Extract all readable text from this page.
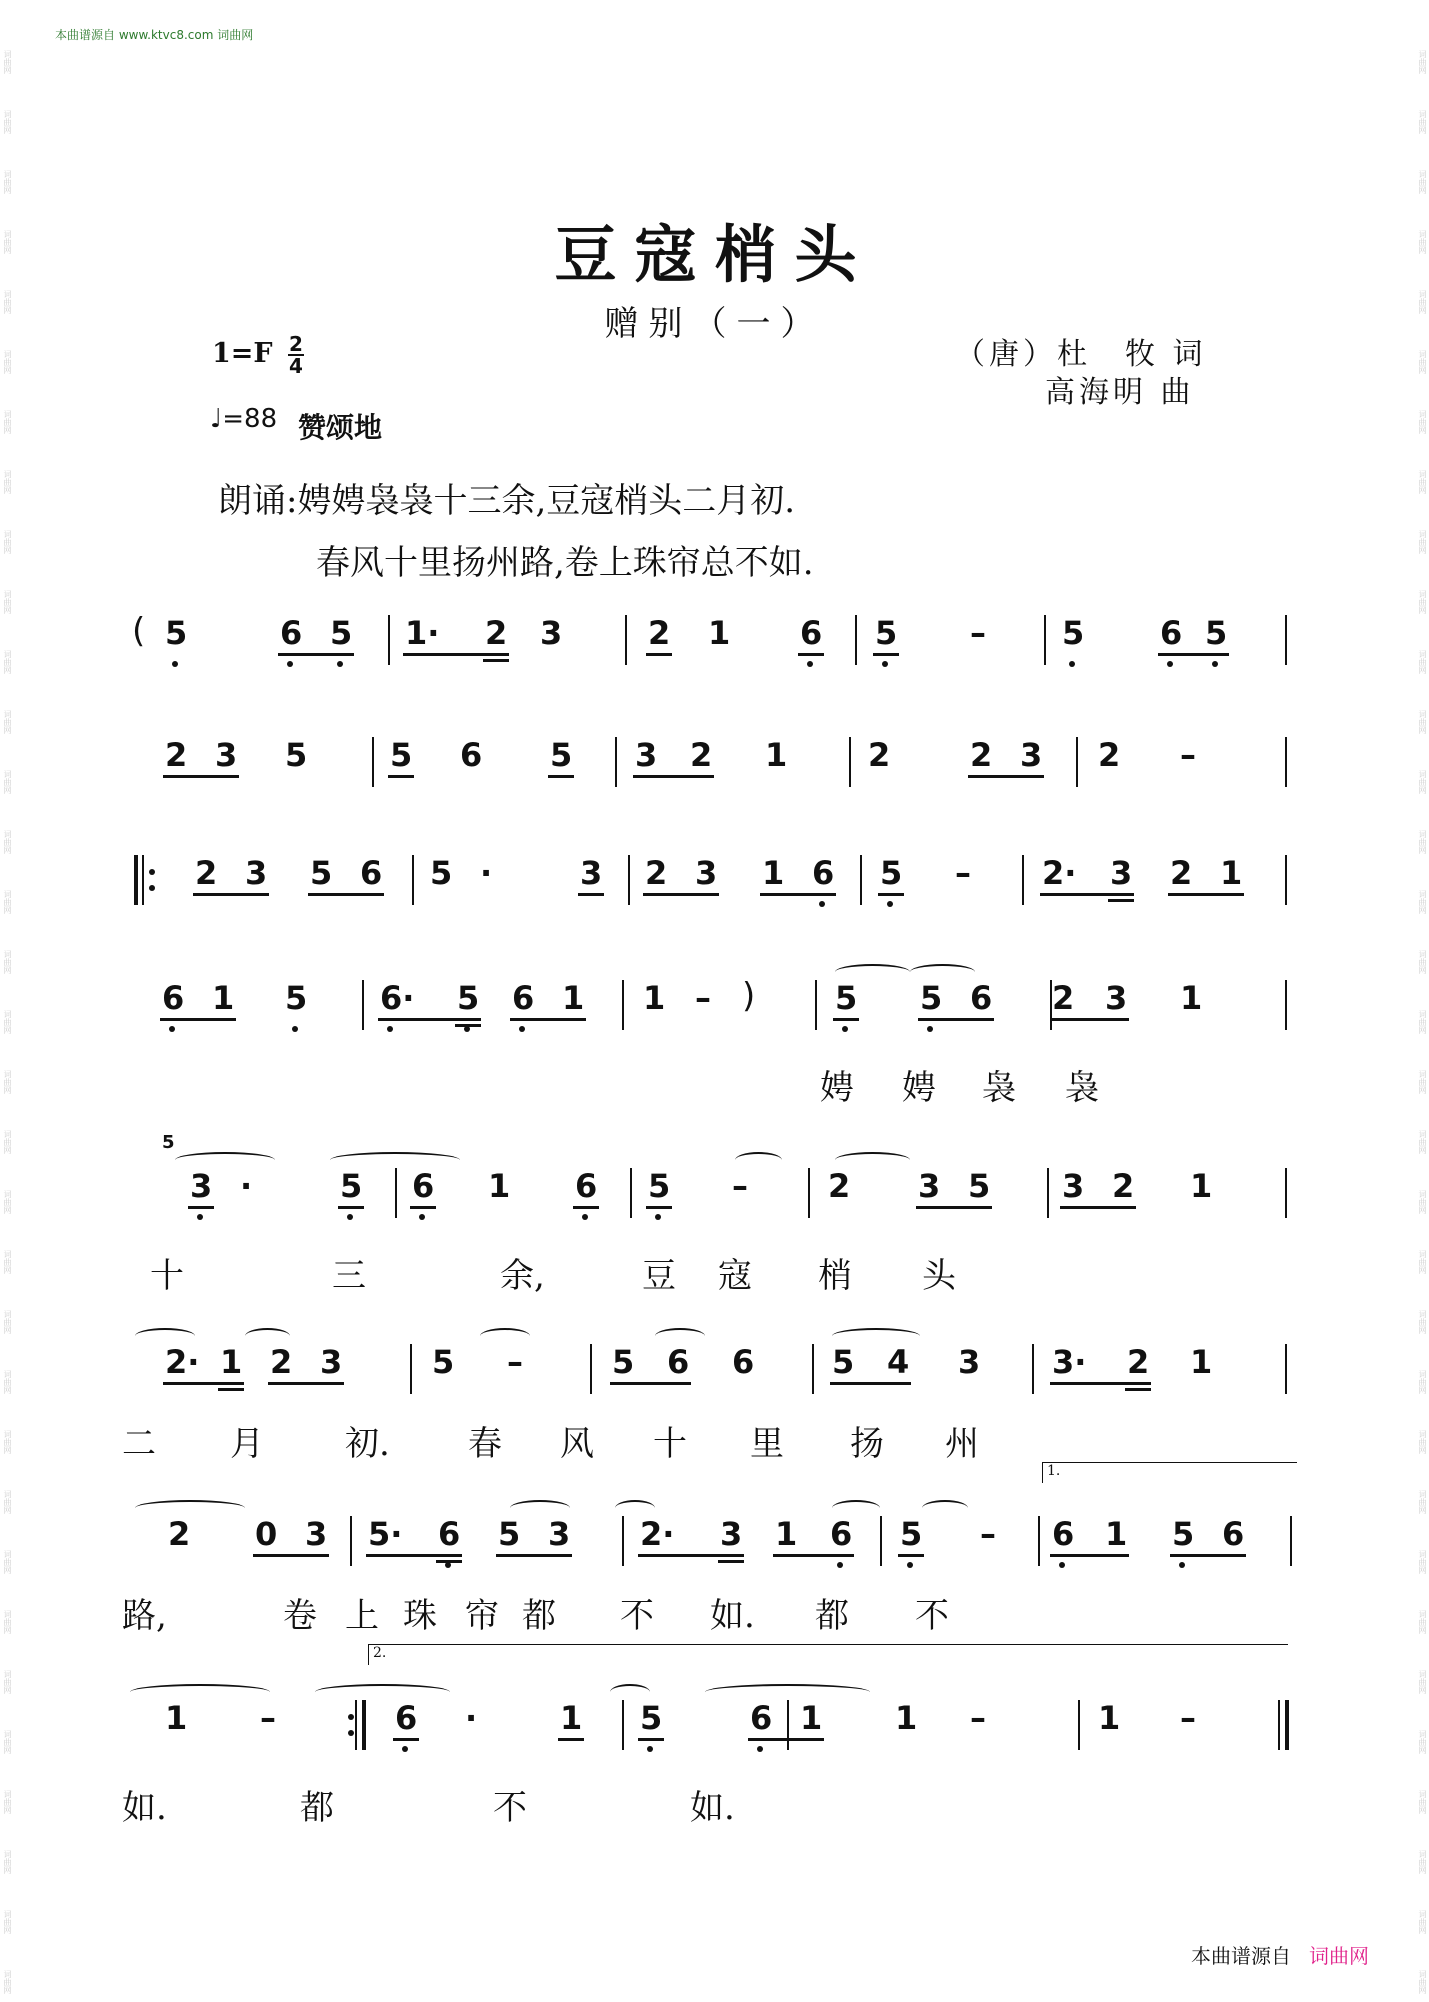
词曲网
词曲网
词曲网
词曲网
词曲网
词曲网
词曲网
词曲网
词曲网
词曲网
词曲网
词曲网
词曲网
词曲网
词曲网
词曲网
词曲网
词曲网
词曲网
词曲网
词曲网
词曲网
词曲网
词曲网
词曲网
词曲网
词曲网
词曲网
词曲网
词曲网
词曲网
词曲网
词曲网
词曲网
词曲网
词曲网
词曲网
词曲网
词曲网
词曲网
词曲网
词曲网
词曲网
词曲网
词曲网
词曲网
词曲网
词曲网
词曲网
词曲网
词曲网
词曲网
词曲网
词曲网
词曲网
词曲网
词曲网
词曲网
词曲网
词曲网
词曲网
词曲网
词曲网
词曲网
词曲网
词曲网
本曲谱源自 www.ktvc8.com 词曲网
豆寇梢头
赠别（一）
1=F 2
4
♩=88 赞颂地
（唐）杜　牧 词
高海明 曲
朗诵:娉娉袅袅十三余,豆寇梢头二月初.
春风十里扬州路,卷上珠帘总不如.
5	6 5 1· 2 3	2 1 6 5 – 5 6 5
(
2 3 5	5 6 5 3 2 1	2 2 3 2 –
2 3 5 6 5 ·	3 2 3 1 6 5 – 2· 3 2 1
6 1 5 6· 5 6 1 1 –	5 5 6 2 3 1
娉 娉 袅 袅
)
3 ·	5 6 1 6 5 –	2 3 5 3 2 1
十	三	余,	豆 寇 梢 头
5
2· 1 2 3	5 –	5 6 6 5 4 3 3· 2 1
二 月 初. 春 风 十 里 扬 州
2 0 3 5· 6 5 3 2· 3 1 6 5 – 6 1 5 6
路,	卷 上 珠 帘 都 不 如. 都 不
1.
1 –	6 ·	1 5	6 1 1 –	1 –
如.	都	不	如.
2.
本曲谱源自 词曲网
